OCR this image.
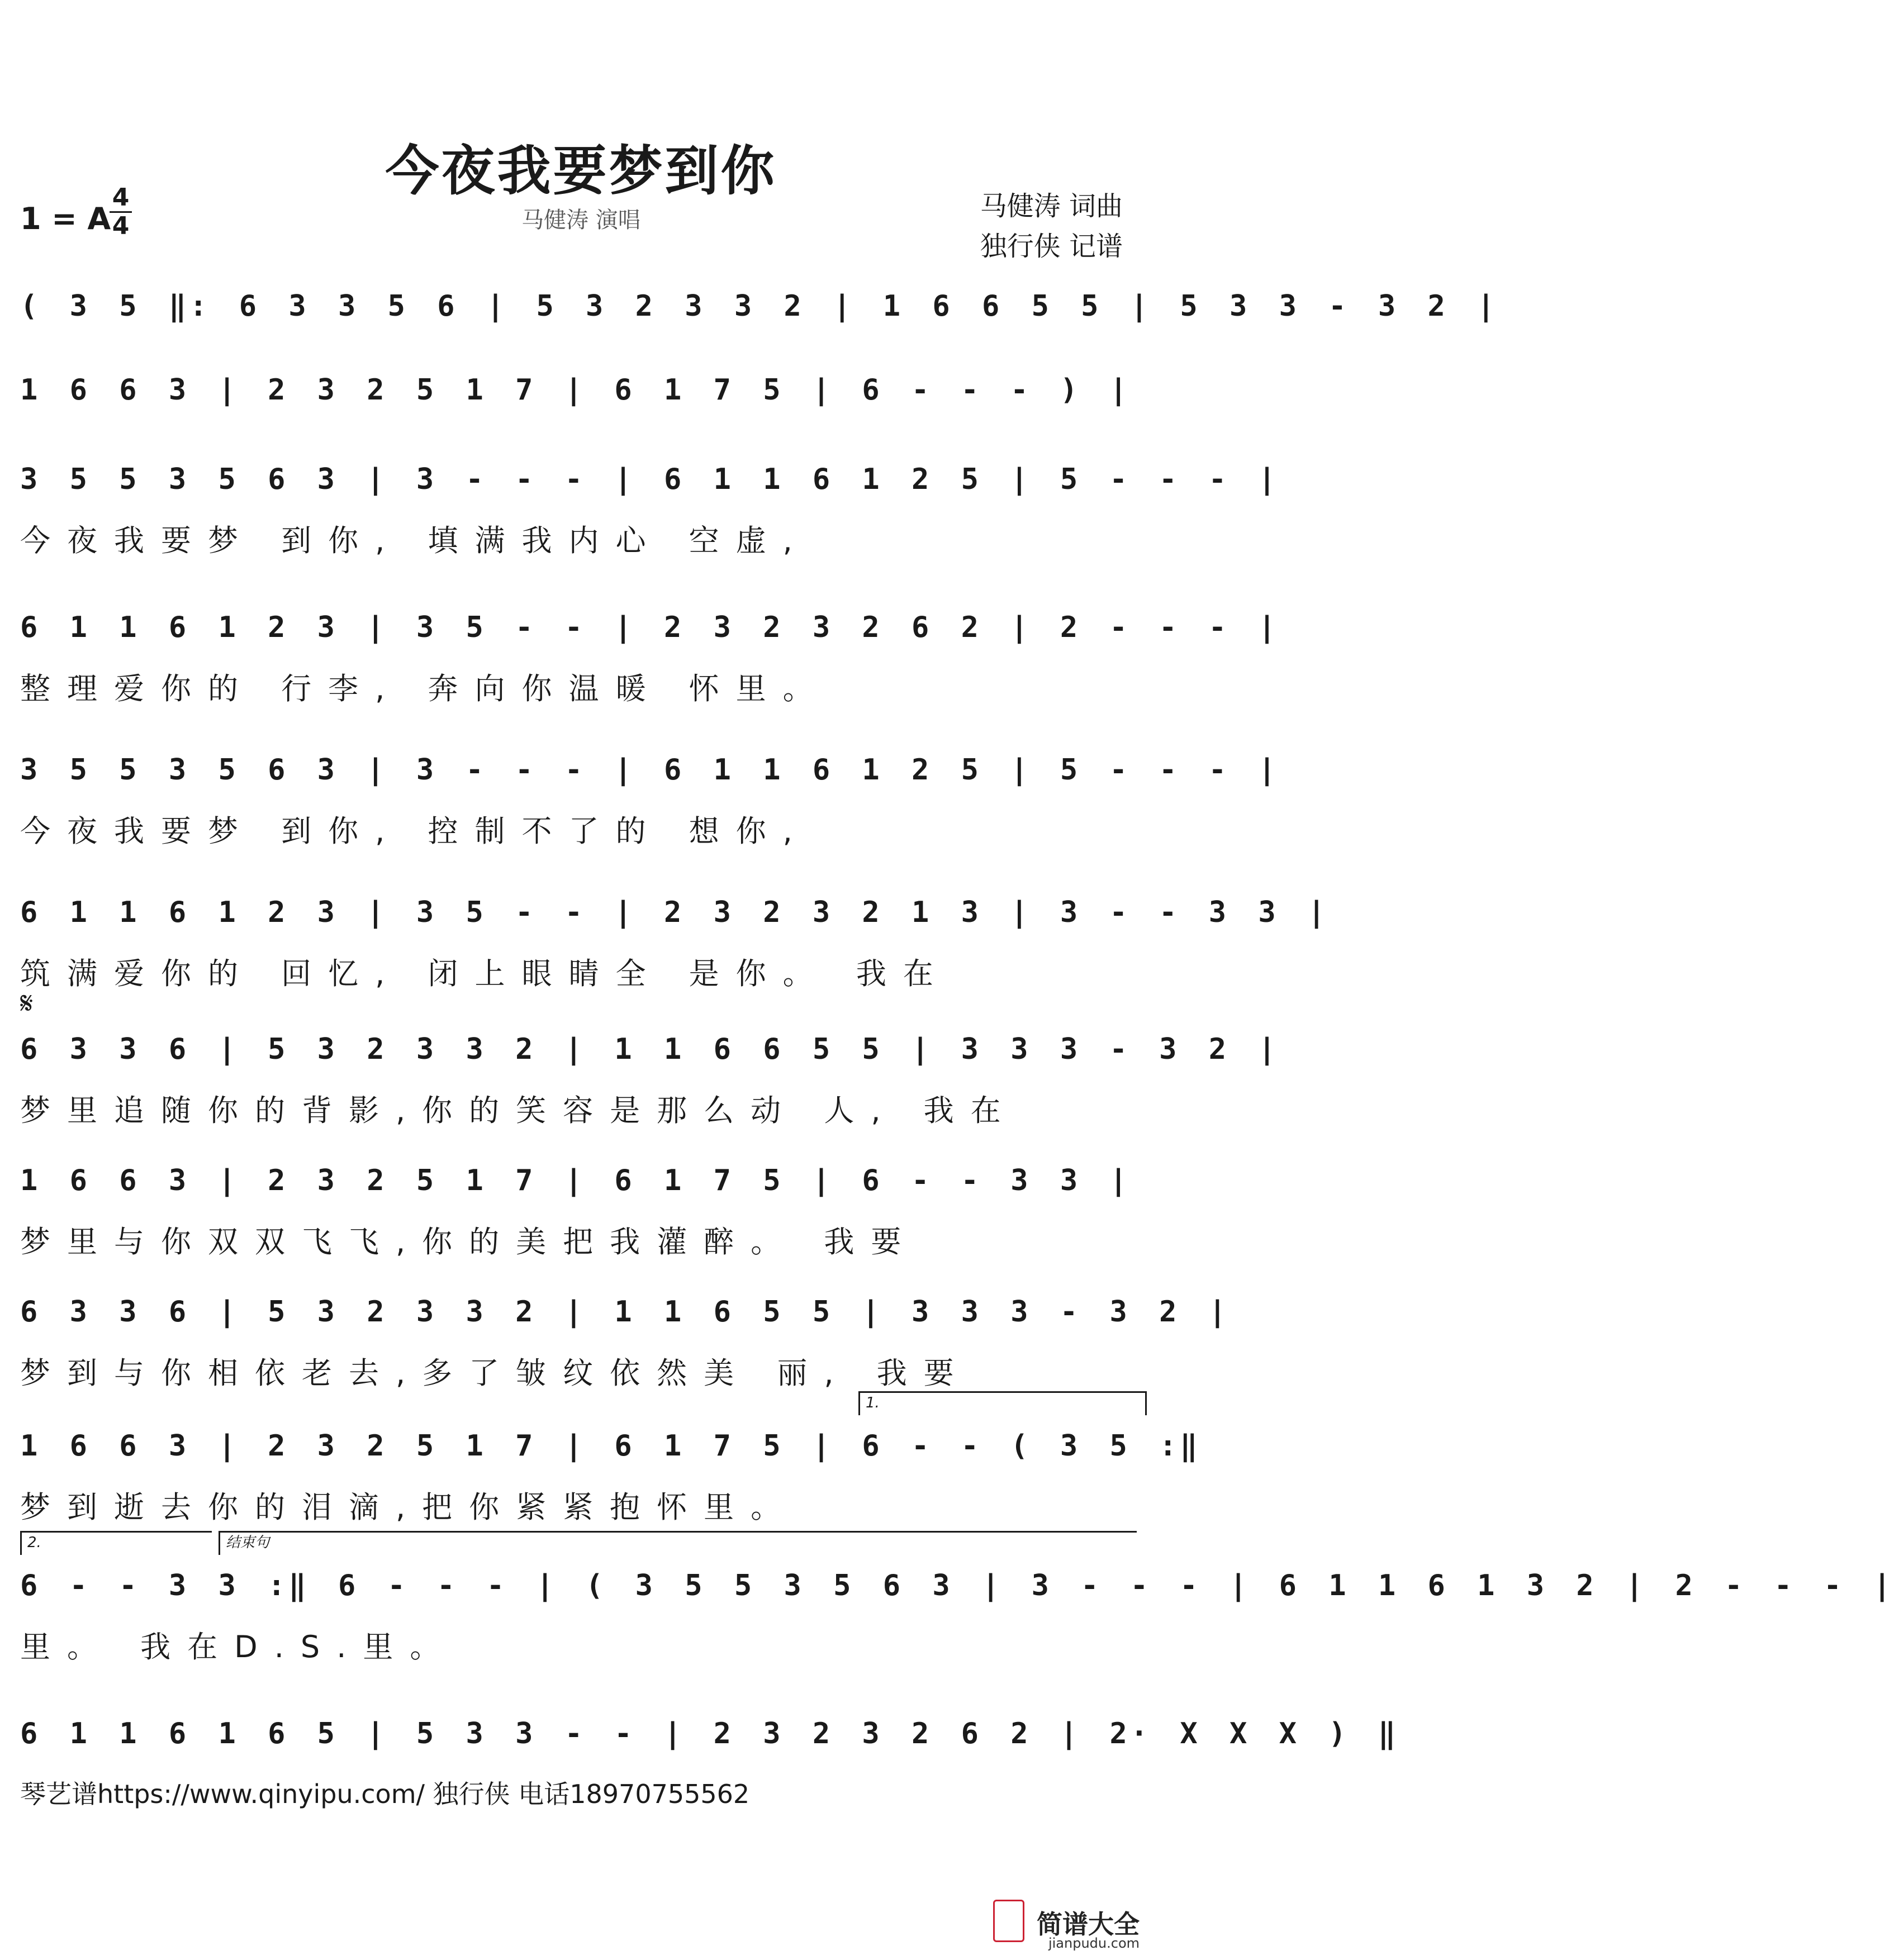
今夜我要梦到你
马健涛 演唱
1 = A
4
4
马健涛 词曲
独行侠 记谱
( 3 5 ‖: 6 3 3 5 6 | 5 3 2 3 3 2 | 1 6 6 5 5 | 5 3 3 - 3 2 |
1 6 6 3 | 2 3 2 5 1 7 | 6 1 7 5 | 6 - - - ) |
3 5 5 3 5 6 3 | 3 - - - | 6 1 1 6 1 2 5 | 5 - - - |
今夜我要梦 到你, 填满我内心 空虚,
6 1 1 6 1 2 3 | 3 5 - - | 2 3 2 3 2 6 2 | 2 - - - |
整理爱你的 行李, 奔向你温暖 怀里。
3 5 5 3 5 6 3 | 3 - - - | 6 1 1 6 1 2 5 | 5 - - - |
今夜我要梦 到你, 控制不了的 想你,
6 1 1 6 1 2 3 | 3 5 - - | 2 3 2 3 2 1 3 | 3 - - 3 3 |
筑满爱你的 回忆, 闭上眼睛全 是你。 我在
𝄋
6 3 3 6 | 5 3 2 3 3 2 | 1 1 6 6 5 5 | 3 3 3 - 3 2 |
梦里追随你的背影,你的笑容是那么动 人, 我在
1 6 6 3 | 2 3 2 5 1 7 | 6 1 7 5 | 6 - - 3 3 |
梦里与你双双飞飞,你的美把我灌醉。 我要
6 3 3 6 | 5 3 2 3 3 2 | 1 1 6 5 5 | 3 3 3 - 3 2 |
梦到与你相依老去,多了皱纹依然美 丽, 我要
1.
1 6 6 3 | 2 3 2 5 1 7 | 6 1 7 5 | 6 - - ( 3 5 :‖
梦到逝去你的泪滴,把你紧紧抱怀里。
2.	结束句
6 - - 3 3 :‖ 6 - - - | ( 3 5 5 3 5 6 3 | 3 - - - | 6 1 1 6 1 3 2 | 2 - - - |
里。 我在D.S.里。
6 1 1 6 1 6 5 | 5 3 3 - - | 2 3 2 3 2 6 2 | 2· X X X ) ‖
琴艺谱https://www.qinyipu.com/ 独行侠 电话18970755562
简谱大全
jianpudu.com
